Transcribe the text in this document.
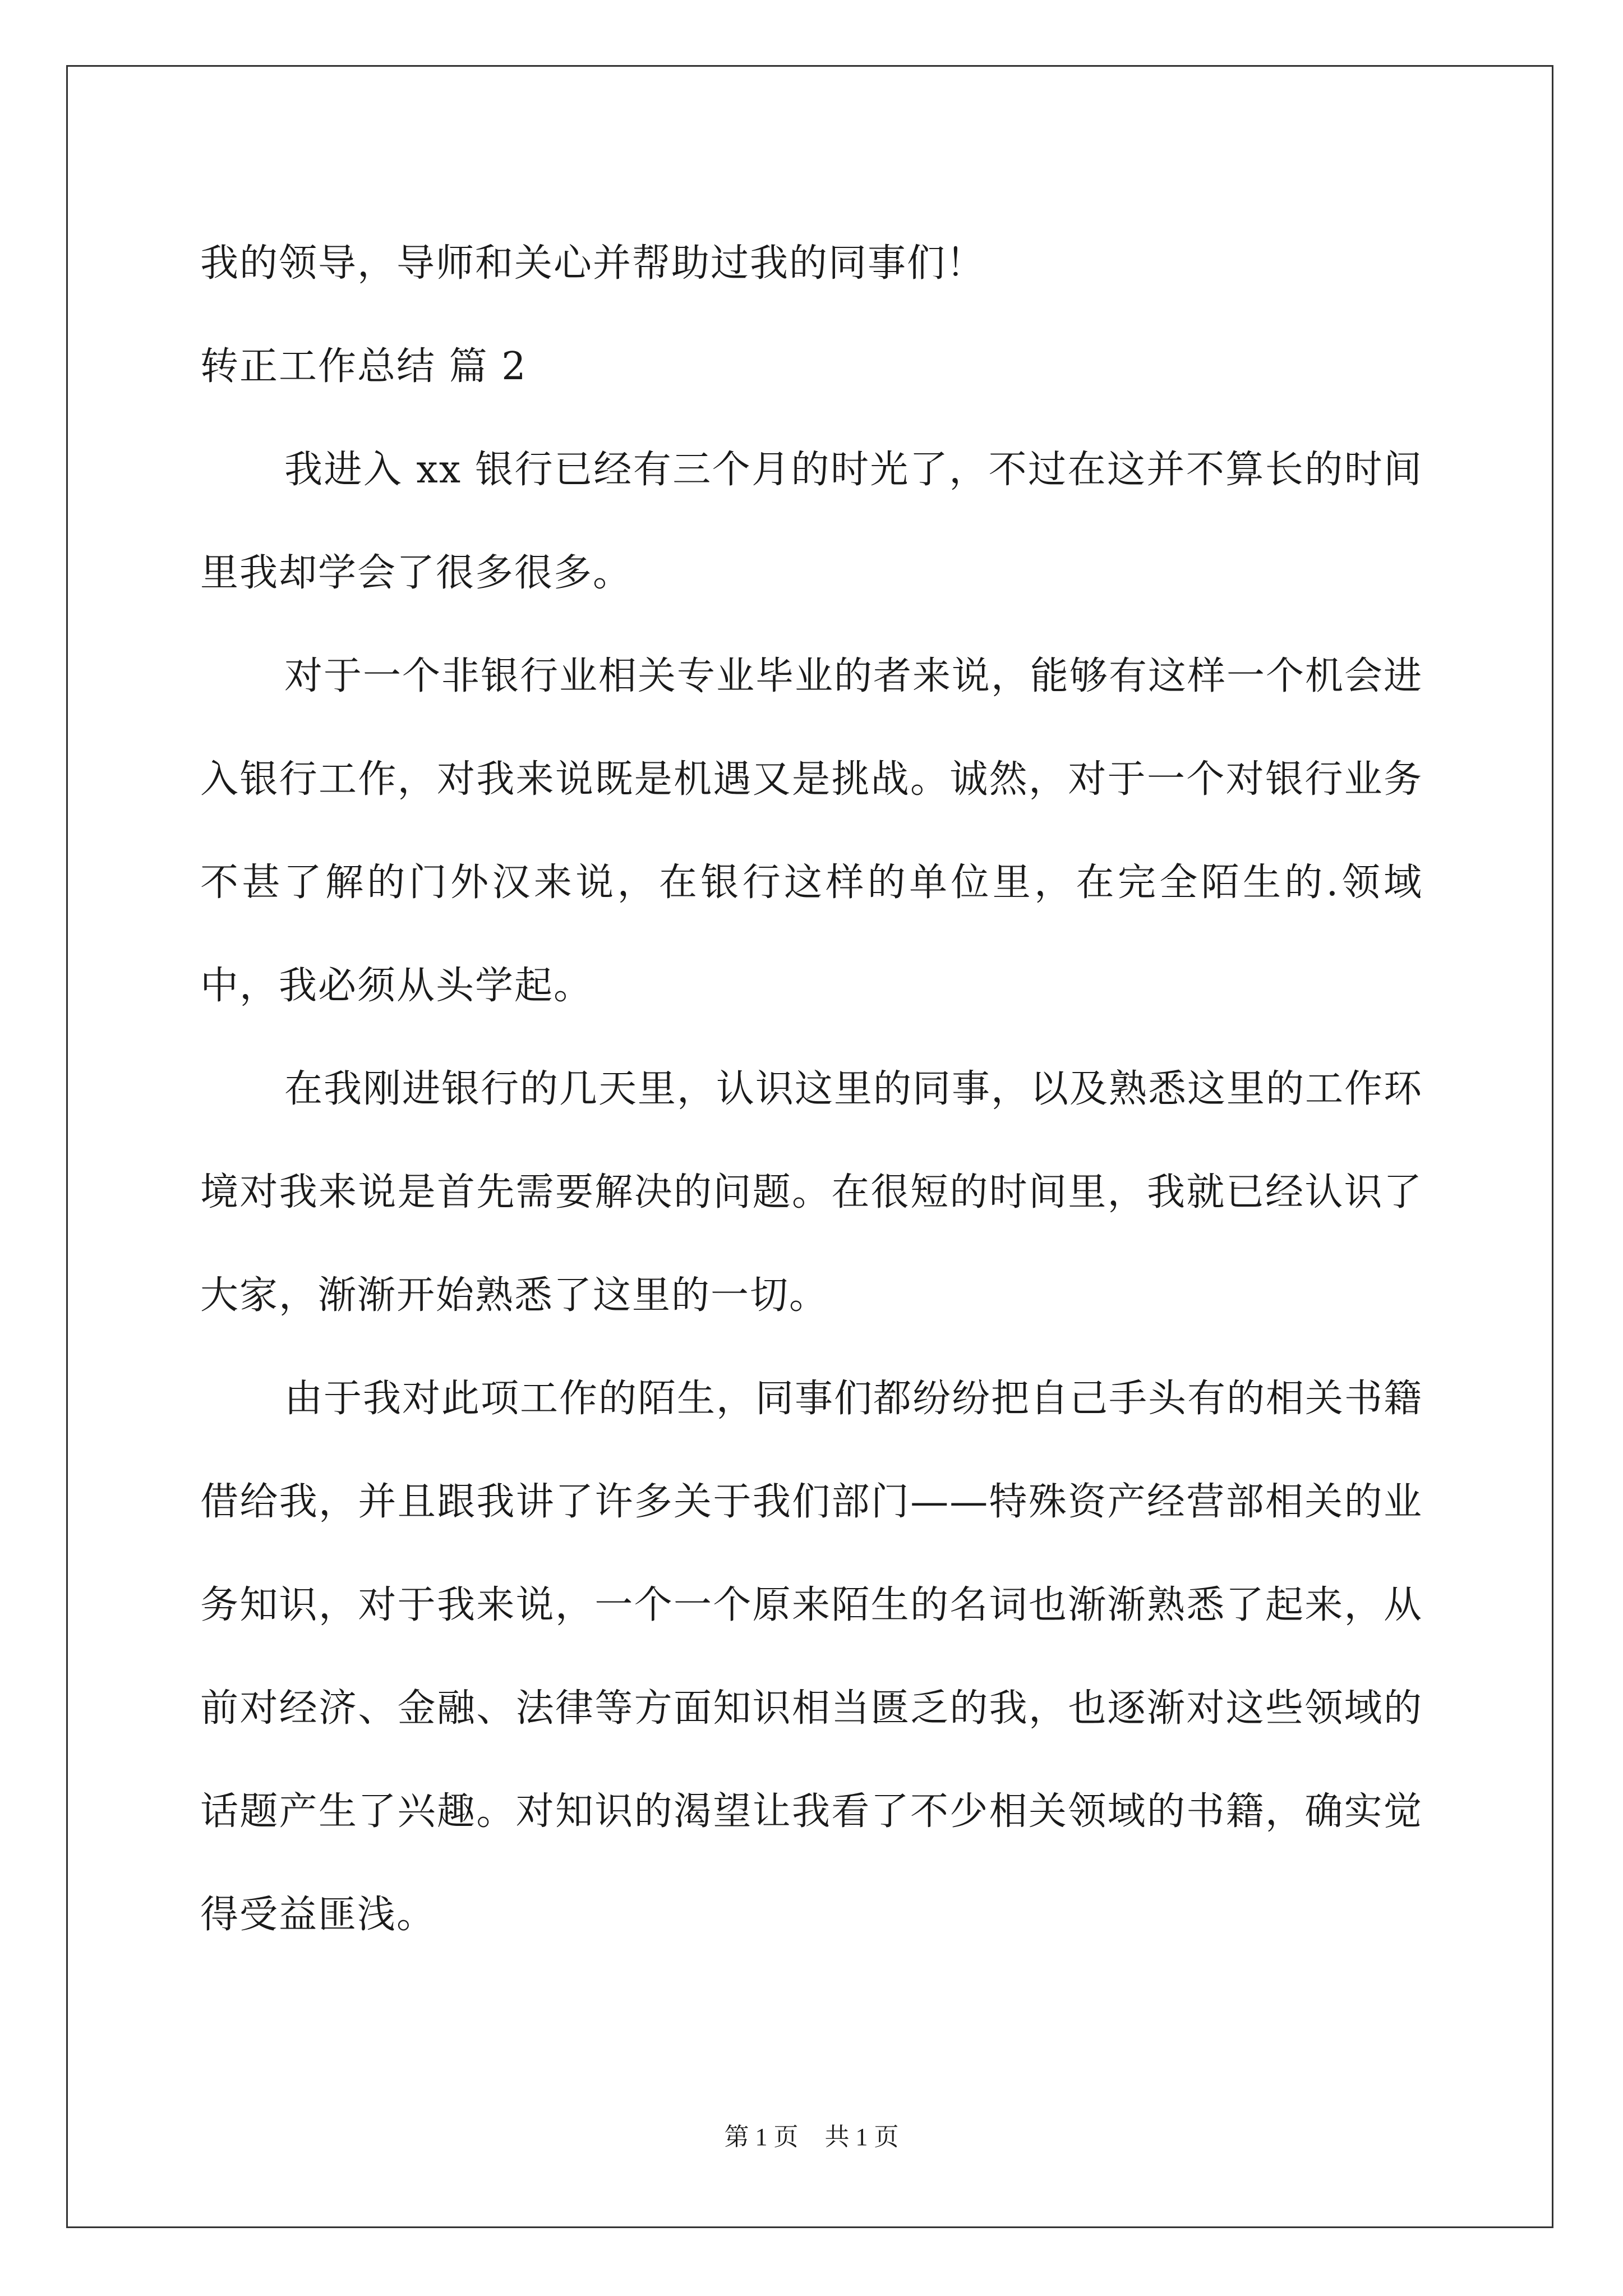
我的领导，导师和关心并帮助过我的同事们！
转正工作总结 篇 2

我进入 xx 银行已经有三个月的时光了，不过在这并不算长的时间里我却学会了很多很多。

对于一个非银行业相关专业毕业的者来说，能够有这样一个机会进入银行工作，对我来说既是机遇又是挑战。诚然，对于一个对银行业务不甚了解的门外汉来说，在银行这样的单位里，在完全陌生的.领域中，我必须从头学起。

在我刚进银行的几天里，认识这里的同事，以及熟悉这里的工作环境对我来说是首先需要解决的问题。在很短的时间里，我就已经认识了大家，渐渐开始熟悉了这里的一切。

由于我对此项工作的陌生，同事们都纷纷把自己手头有的相关书籍借给我，并且跟我讲了许多关于我们部门——特殊资产经营部相关的业务知识，对于我来说，一个一个原来陌生的名词也渐渐熟悉了起来，从前对经济、金融、法律等方面知识相当匮乏的我，也逐渐对这些领域的话题产生了兴趣。对知识的渴望让我看了不少相关领域的书籍，确实觉得受益匪浅。

第 1 页 共 1 页
